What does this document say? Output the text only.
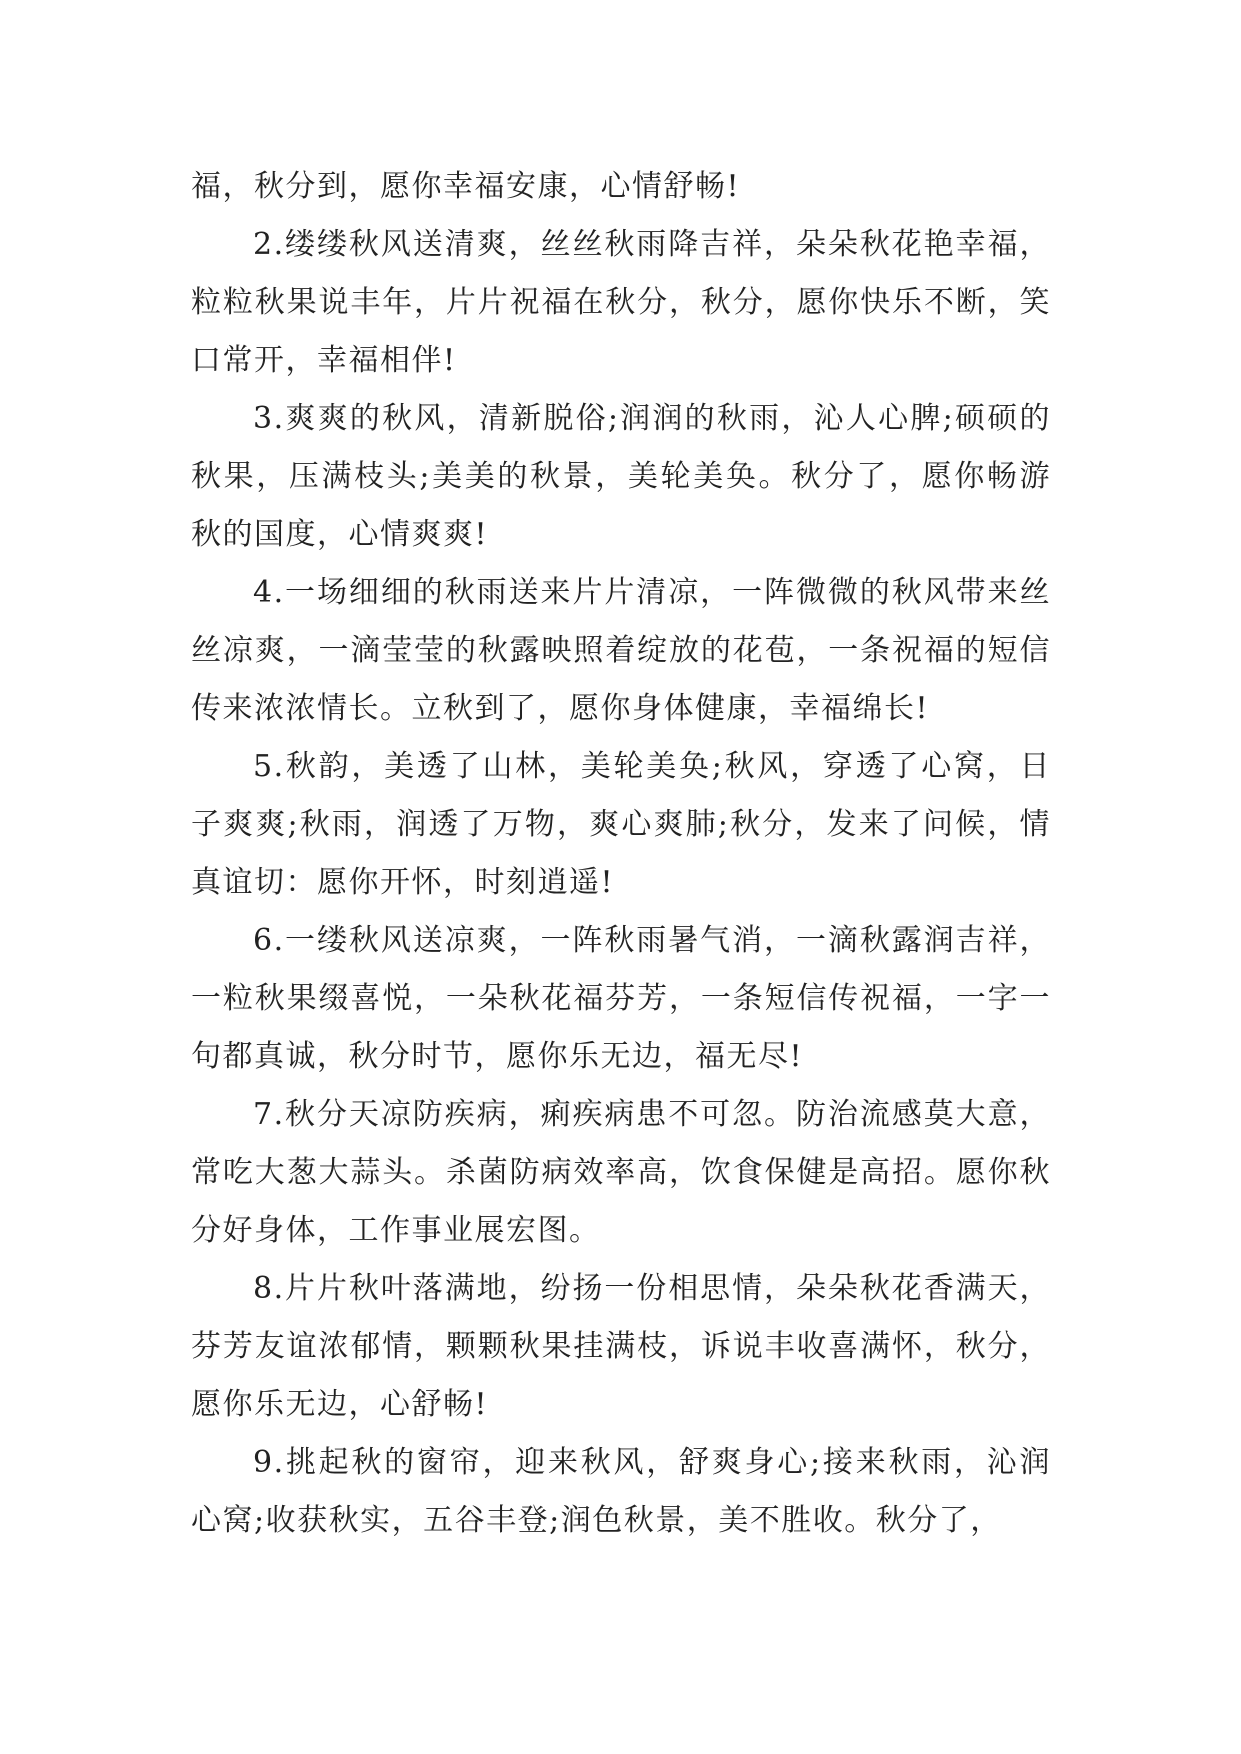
福，秋分到，愿你幸福安康，心情舒畅!

2.缕缕秋风送清爽，丝丝秋雨降吉祥，朵朵秋花艳幸福，粒粒秋果说丰年，片片祝福在秋分，秋分，愿你快乐不断，笑口常开，幸福相伴!

3.爽爽的秋风，清新脱俗;润润的秋雨，沁人心脾;硕硕的秋果，压满枝头;美美的秋景，美轮美奂。秋分了，愿你畅游秋的国度，心情爽爽!

4.一场细细的秋雨送来片片清凉，一阵微微的秋风带来丝丝凉爽，一滴莹莹的秋露映照着绽放的花苞，一条祝福的短信传来浓浓情长。立秋到了，愿你身体健康，幸福绵长!

5.秋韵，美透了山林，美轮美奂;秋风，穿透了心窝，日子爽爽;秋雨，润透了万物，爽心爽肺;秋分，发来了问候，情真谊切：愿你开怀，时刻逍遥!

6.一缕秋风送凉爽，一阵秋雨暑气消，一滴秋露润吉祥，一粒秋果缀喜悦，一朵秋花福芬芳，一条短信传祝福，一字一句都真诚，秋分时节，愿你乐无边，福无尽!

7.秋分天凉防疾病，痢疾病患不可忽。防治流感莫大意，常吃大葱大蒜头。杀菌防病效率高，饮食保健是高招。愿你秋分好身体，工作事业展宏图。

8.片片秋叶落满地，纷扬一份相思情，朵朵秋花香满天，芬芳友谊浓郁情，颗颗秋果挂满枝，诉说丰收喜满怀，秋分，愿你乐无边，心舒畅!

9.挑起秋的窗帘，迎来秋风，舒爽身心;接来秋雨，沁润心窝;收获秋实，五谷丰登;润色秋景，美不胜收。秋分了，
